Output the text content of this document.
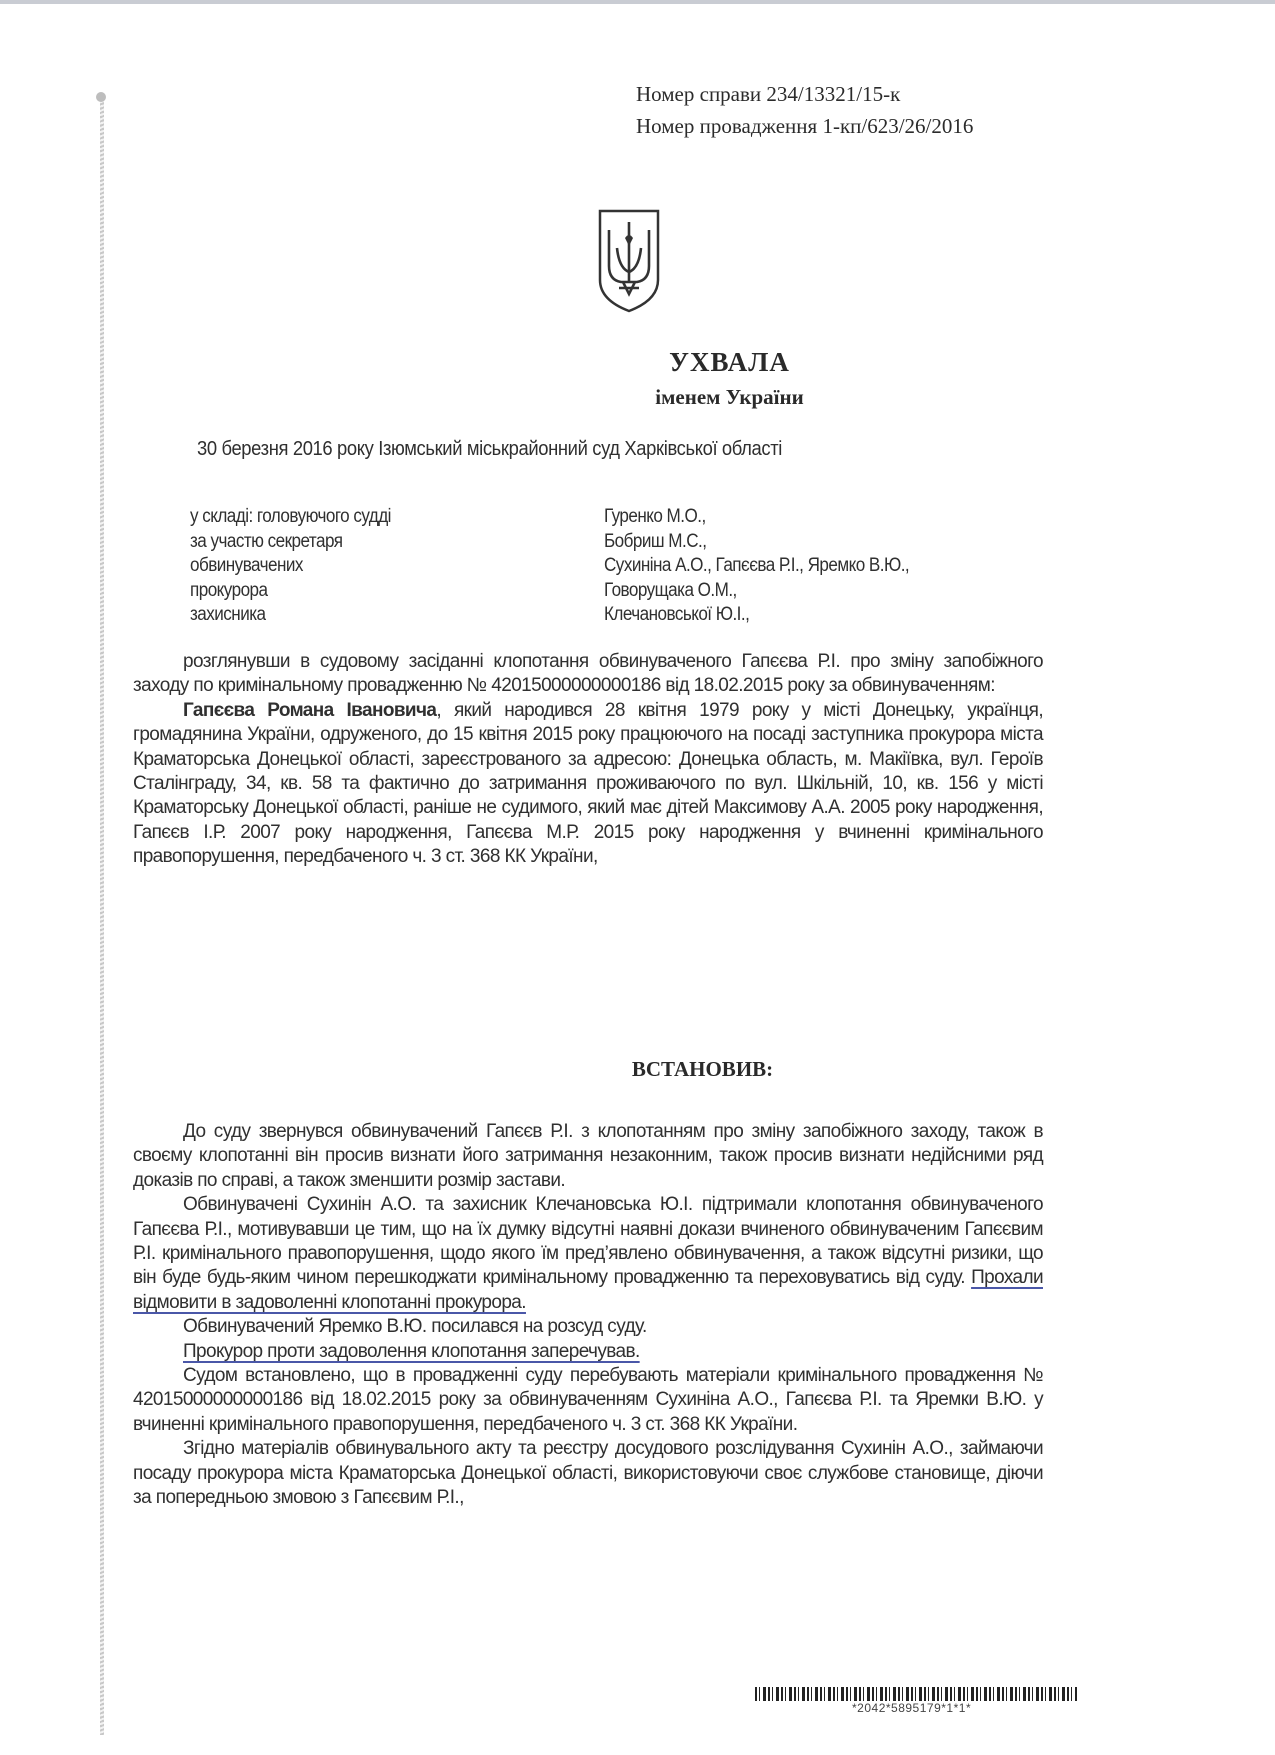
Номер справи 234/13321/15-к
Номер провадження 1-кп/623/26/2016
УХВАЛА
іменем України
30 березня 2016 року Ізюмський міськрайонний суд Харківської області
у складі: головуючого судді	Гуренко М.О.,
за участю секретаря	Бобриш М.С.,
обвинувачених	Сухиніна А.О., Гапєєва Р.І., Яремко В.Ю.,
прокурора	Говорущака О.М.,
захисника	Клечановської Ю.І.,

розглянувши в судовому засіданні клопотання обвинуваченого Гапєєва Р.І. про зміну запобіжного заходу по кримінальному провадженню № 42015000000000186 від 18.02.2015 року за обвинуваченням:

Гапєєва Романа Івановича, який народився 28 квітня 1979 року у місті Донецьку, українця, громадянина України, одруженого, до 15 квітня 2015 року працюючого на посаді заступника прокурора міста Краматорська Донецької області, зареєстрованого за адресою: Донецька область, м. Макіївка, вул. Героїв Сталінграду, 34, кв. 58 та фактично до затримання проживаючого по вул. Шкільній, 10, кв. 156 у місті Краматорську Донецької області, раніше не судимого, який має дітей Максимову А.А. 2005 року народження, Гапєєв І.Р. 2007 року народження, Гапєєва М.Р. 2015 року народження у вчиненні кримінального правопорушення, передбаченого ч. 3 ст. 368 КК України,

ВСТАНОВИВ:

До суду звернувся обвинувачений Гапєєв Р.І. з клопотанням про зміну запобіжного заходу, також в своєму клопотанні він просив визнати його затримання незаконним, також просив визнати недійсними ряд доказів по справі, а також зменшити розмір застави.

Обвинувачені Сухинін А.О. та захисник Клечановська Ю.І. підтримали клопотання обвинуваченого Гапєєва Р.І., мотивувавши це тим, що на їх думку відсутні наявні докази вчиненого обвинуваченим Гапєєвим Р.І. кримінального правопорушення, щодо якого їм пред’явлено обвинувачення, а також відсутні ризики, що він буде будь-яким чином перешкоджати кримінальному провадженню та переховуватись від суду. Прохали відмовити в задоволенні клопотанні прокурора.

Обвинувачений Яремко В.Ю. посилався на розсуд суду.

Прокурор проти задоволення клопотання заперечував.

Судом встановлено, що в провадженні суду перебувають матеріали кримінального провадження № 42015000000000186 від 18.02.2015 року за обвинуваченням Сухиніна А.О., Гапєєва Р.І. та Яремки В.Ю. у вчиненні кримінального правопорушення, передбаченого ч. 3 ст. 368 КК України.

Згідно матеріалів обвинувального акту та реєстру досудового розслідування Сухинін А.О., займаючи посаду прокурора міста Краматорська Донецької області, використовуючи своє службове становище, діючи за попередньою змовою з Гапєєвим Р.І.,

*2042*5895179*1*1*
